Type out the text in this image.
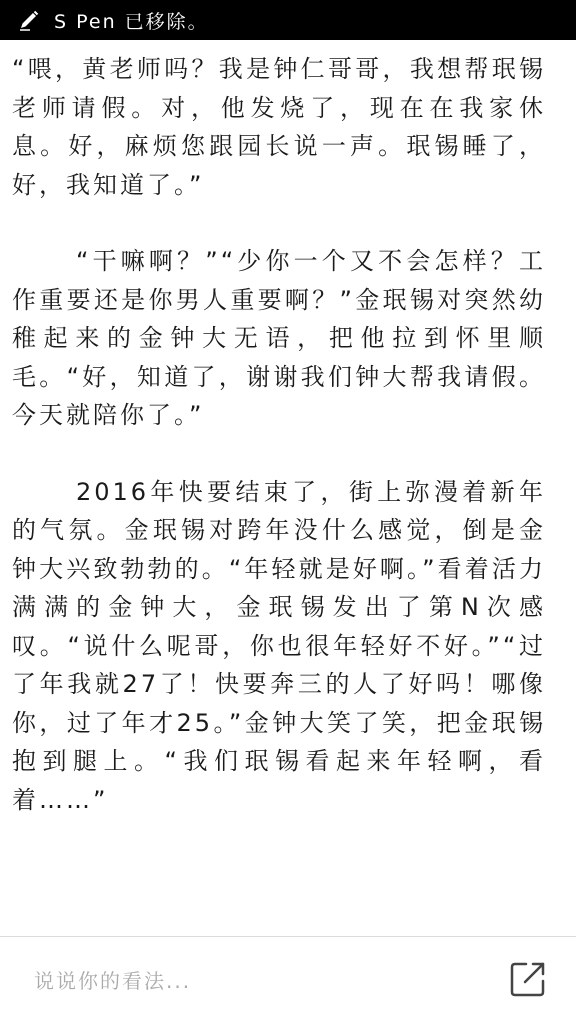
S Pen 已移除。

“喂，黄老师吗？我是钟仁哥哥，我想帮珉锡老师请假。对，他发烧了，现在在我家休息。好，麻烦您跟园长说一声。珉锡睡了，好，我知道了。”

“干嘛啊？”“少你一个又不会怎样？工作重要还是你男人重要啊？”金珉锡对突然幼稚起来的金钟大无语，把他拉到怀里顺毛。“好，知道了，谢谢我们钟大帮我请假。今天就陪你了。”

2016年快要结束了，街上弥漫着新年的气氛。金珉锡对跨年没什么感觉，倒是金钟大兴致勃勃的。“年轻就是好啊。”看着活力满满的金钟大，金珉锡发出了第N次感叹。“说什么呢哥，你也很年轻好不好。”“过了年我就27了！快要奔三的人了好吗！哪像你，过了年才25。”金钟大笑了笑，把金珉锡抱到腿上。“我们珉锡看起来年轻啊，看着……”

说说你的看法...
